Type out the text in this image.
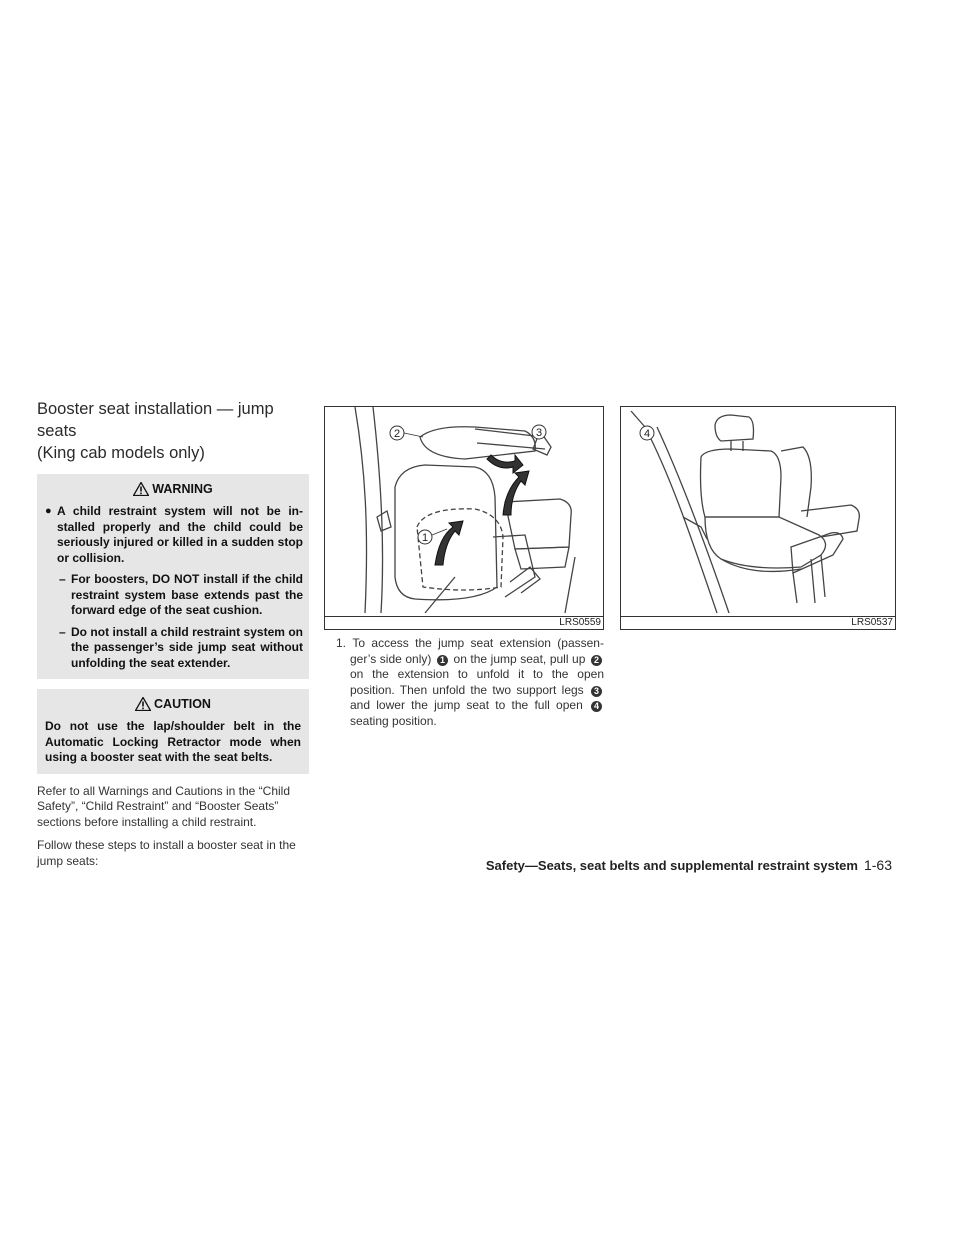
Booster seat installation — jump seats
(King cab models only)
WARNING
● A child restraint system will not be in-stalled properly and the child could be seriously injured or killed in a sudden stop or collision.
– For boosters, DO NOT install if the child restraint system base extends past the forward edge of the seat cushion.
– Do not install a child restraint system on the passenger’s side jump seat without unfolding the seat extender.
CAUTION
Do not use the lap/shoulder belt in the Automatic Locking Retractor mode when using a booster seat with the seat belts.

Refer to all Warnings and Cautions in the “Child Safety”, “Child Restraint” and “Booster Seats” sections before installing a child restraint.

Follow these steps to install a booster seat in the jump seats:

1
2	3
LRS0559

1. To access the jump seat extension (passen-ger’s side only) 1 on the jump seat, pull up 2 on the extension to unfold it to the open position. Then unfold the two support legs 3 and lower the jump seat to the full open 4 seating position.

4
LRS0537
Safety—Seats, seat belts and supplemental restraint system 1-63
